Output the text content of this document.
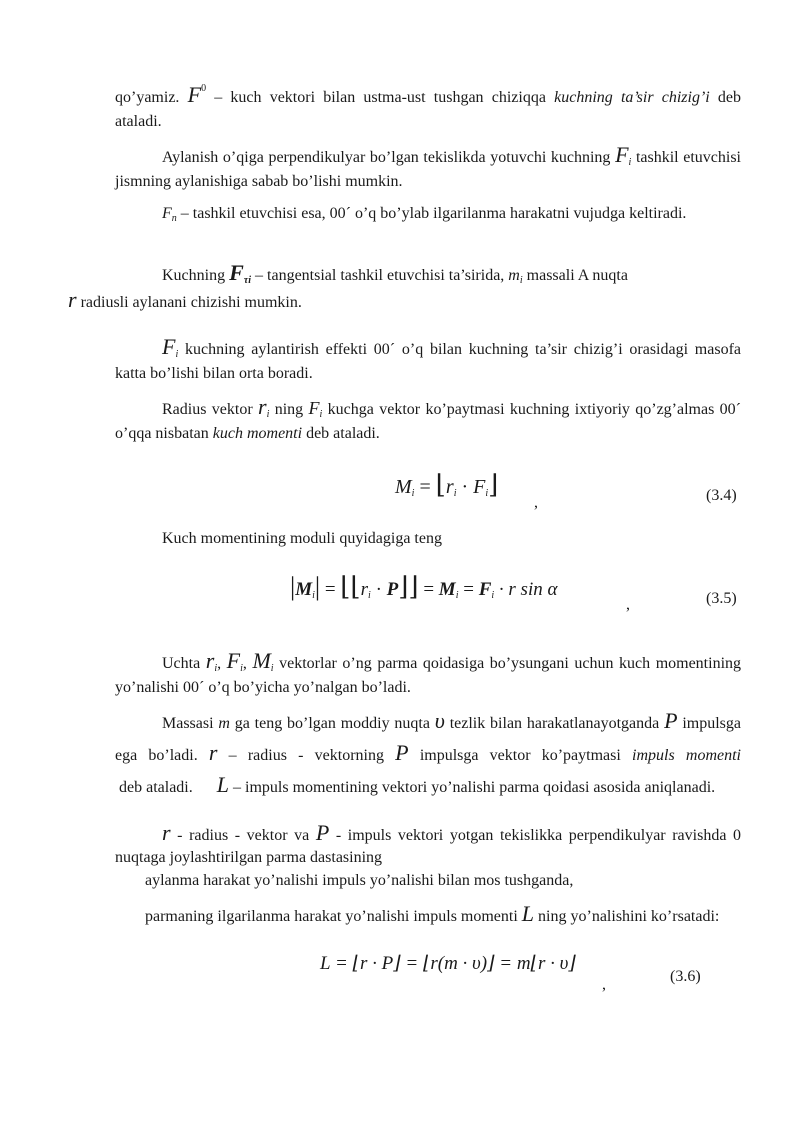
qo’yamiz. $F^0$ – kuch vektori bilan ustma-ust tushgan chiziqqa kuchning ta’sir chizig’i deb ataladi.

Aylanish o’qiga perpendikulyar bo’lgan tekislikda yotuvchi kuchning Fi tashkil etuvchisi jismning aylanishiga sabab bo’lishi mumkin.

Fn – tashkil etuvchisi esa, 00´ o’q bo’ylab ilgarilanma harakatni vujudga keltiradi.

Kuchning Fτi – tangentsial tashkil etuvchisi ta’sirida, mi massali A nuqta
r radiusli aylanani chizishi mumkin.

Fi kuchning aylantirish effekti 00´ o’q bilan kuchning ta’sir chizig’i orasidagi masofa katta bo’lishi bilan orta boradi.

Radius vektor ri ning Fi kuchga vektor ko’paytmasi kuchning ixtiyoriy qo’zg’almas 00´ o’qqa nisbatan kuch momenti deb ataladi.

Mi = ⌊ri · Fi⌋
,	(3.4)

Kuch momentining moduli quyidagiga teng

|Mi| = ⌊⌊ri · P⌋⌋ = Mi = Fi · r sin α
,	(3.5)

Uchta ri, Fi, Mi vektorlar o’ng parma qoidasiga bo’ysungani uchun kuch momentining yo’nalishi 00´ o’q bo’yicha yo’nalgan bo’ladi.

Massasi m ga teng bo’lgan moddiy nuqta υ tezlik bilan harakatlanayotganda P impulsga ega bo’ladi. r – radius - vektorning P impulsga vektor ko’paytmasi impuls momenti deb ataladi.      L – impuls momentining vektori yo’nalishi parma qoidasi asosida aniqlanadi.

r - radius - vektor va P - impuls vektori yotgan tekislikka perpendikulyar ravishda 0 nuqtaga joylashtirilgan parma dastasining

aylanma harakat yo’nalishi impuls yo’nalishi bilan mos tushganda,

parmaning ilgarilanma harakat yo’nalishi impuls momenti L ning yo’nalishini ko’rsatadi:

L = ⌊r · P⌋ = ⌊r(m · υ)⌋ = m⌊r · υ⌋
,	(3.6)
